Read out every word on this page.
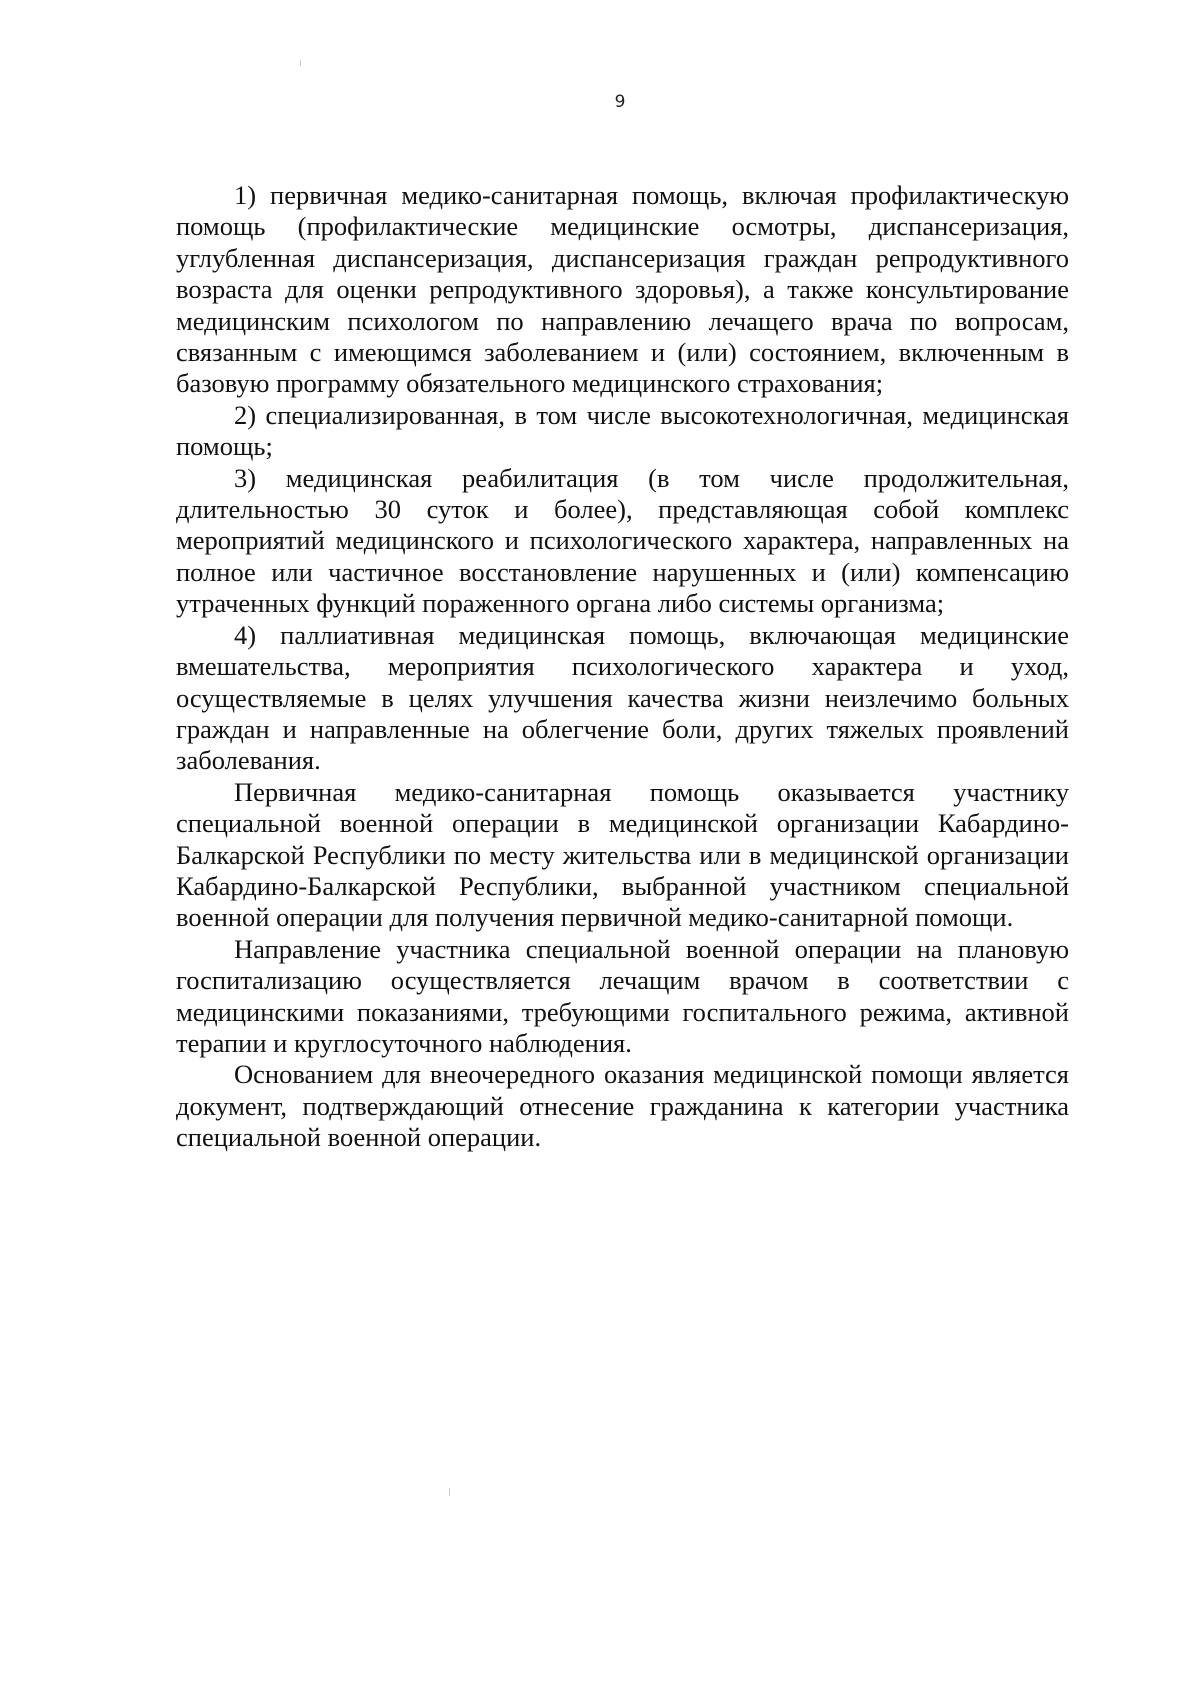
9

1) первичная медико-санитарная помощь, включая профилактическую помощь (профилактические медицинские осмотры, диспансеризация, углубленная диспансеризация, диспансеризация граждан репродуктивного возраста для оценки репродуктивного здоровья), а также консультирование медицинским психологом по направлению лечащего врача по вопросам, связанным с имеющимся заболеванием и (или) состоянием, включенным в базовую программу обязательного медицинского страхования;

2) специализированная, в том числе высокотехнологичная, медицинская помощь;

3) медицинская реабилитация (в том числе продолжительная, длительностью 30 суток и более), представляющая собой комплекс мероприятий медицинского и психологического характера, направленных на полное или частичное восстановление нарушенных и (или) компенсацию утраченных функций пораженного органа либо системы организма;

4) паллиативная медицинская помощь, включающая медицинские вмешательства, мероприятия психологического характера и уход, осуществляемые в целях улучшения качества жизни неизлечимо больных граждан и направленные на облегчение боли, других тяжелых проявлений заболевания.

Первичная медико-санитарная помощь оказывается участнику специальной военной операции в медицинской организации Кабардино-Балкарской Республики по месту жительства или в медицинской организации Кабардино-Балкарской Республики, выбранной участником специальной военной операции для получения первичной медико-санитарной помощи.

Направление участника специальной военной операции на плановую госпитализацию осуществляется лечащим врачом в соответствии с медицинскими показаниями, требующими госпитального режима, активной терапии и круглосуточного наблюдения.

Основанием для внеочередного оказания медицинской помощи является документ, подтверждающий отнесение гражданина к категории участника специальной военной операции.
